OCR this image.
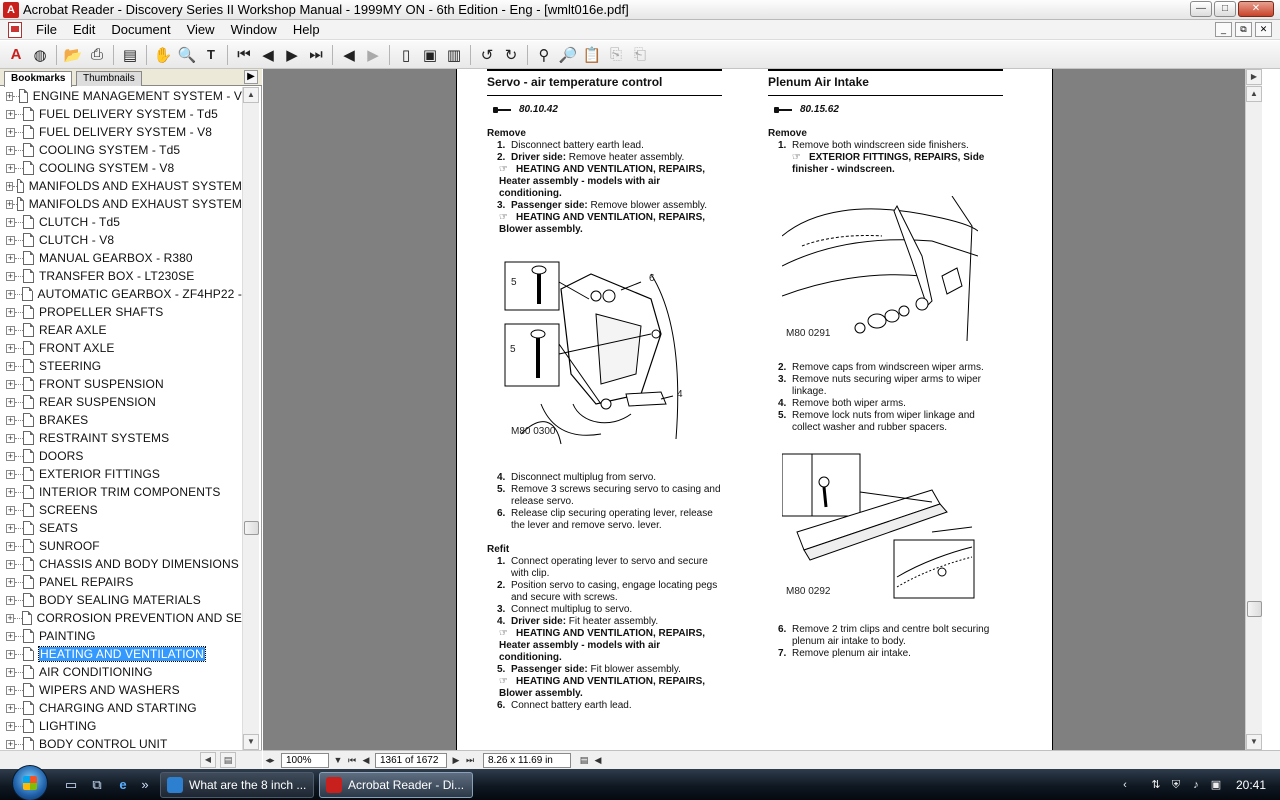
A Acrobat Reader - Discovery Series II Workshop Manual - 1999MY ON - 6th Edition - Eng - [wmlt016e.pdf]	—	□	✕
File	Edit	Document	View	Window	Help	_	⧉	✕
A ◍ 📂 ⎙	▤ ✋ 🔍 T	⏮ ◀ ▶ ⏭	◀ ▶	▯ ▣ ▥	↺ ↻	⚲ 🔎 📋 ⎘ ⎗
Bookmarks	Thumbnails	▶
+ ENGINE MANAGEMENT SYSTEM - V
+ FUEL DELIVERY SYSTEM - Td5
+ FUEL DELIVERY SYSTEM - V8
+ COOLING SYSTEM - Td5
+ COOLING SYSTEM - V8
+ MANIFOLDS AND EXHAUST SYSTEM
+ MANIFOLDS AND EXHAUST SYSTEM
+ CLUTCH - Td5
+ CLUTCH - V8
+ MANUAL GEARBOX - R380
+ TRANSFER BOX - LT230SE
+ AUTOMATIC GEARBOX - ZF4HP22 -
+ PROPELLER SHAFTS
+ REAR AXLE
+ FRONT AXLE
+ STEERING
+ FRONT SUSPENSION
+ REAR SUSPENSION
+ BRAKES
+ RESTRAINT SYSTEMS
+ DOORS
+ EXTERIOR FITTINGS
+ INTERIOR TRIM COMPONENTS
+ SCREENS
+ SEATS
+ SUNROOF
+ CHASSIS AND BODY DIMENSIONS
+ PANEL REPAIRS
+ BODY SEALING MATERIALS
+ CORROSION PREVENTION AND SE
+ PAINTING
+ HEATING AND VENTILATION
+ AIR CONDITIONING
+ WIPERS AND WASHERS
+ CHARGING AND STARTING
+ LIGHTING
+ BODY CONTROL UNIT
▲
▼
◀	▤
Servo - air temperature control
80.10.42
Remove
1. Disconnect battery earth lead.
2. Driver side: Remove heater assembly.
☞ HEATING AND VENTILATION, REPAIRS, Heater assembly - models with air conditioning.
3. Passenger side: Remove blower assembly.
☞ HEATING AND VENTILATION, REPAIRS, Blower assembly.
5	6
5
4
M80 0300
4. Disconnect multiplug from servo.
5. Remove 3 screws securing servo to casing and release servo.
6. Release clip securing operating lever, release the lever and remove servo. lever.
Refit
1. Connect operating lever to servo and secure with clip.
2. Position servo to casing, engage locating pegs and secure with screws.
3. Connect multiplug to servo.
4. Driver side: Fit heater assembly.
☞ HEATING AND VENTILATION, REPAIRS, Heater assembly - models with air conditioning.
5. Passenger side: Fit blower assembly.
☞ HEATING AND VENTILATION, REPAIRS, Blower assembly.
6. Connect battery earth lead.
Plenum Air Intake
80.15.62
Remove
1. Remove both windscreen side finishers.
☞ EXTERIOR FITTINGS, REPAIRS, Side finisher - windscreen.
M80 0291
2. Remove caps from windscreen wiper arms.
3. Remove nuts securing wiper arms to wiper linkage.
4. Remove both wiper arms.
5. Remove lock nuts from wiper linkage and collect washer and rubber spacers.
M80 0292
6. Remove 2 trim clips and centre bolt securing plenum air intake to body.
7. Remove plenum air intake.
▶
▲
▼
◂▸	100%	▼ ⏮ ◀	1361 of 1672	▶ ⏭	8.26 x 11.69 in	▤ ◀
▭	⧉	e	»	What are the 8 inch ...	Acrobat Reader - Di...	‹	⇅ ⛨	♪	▣ 20:41
